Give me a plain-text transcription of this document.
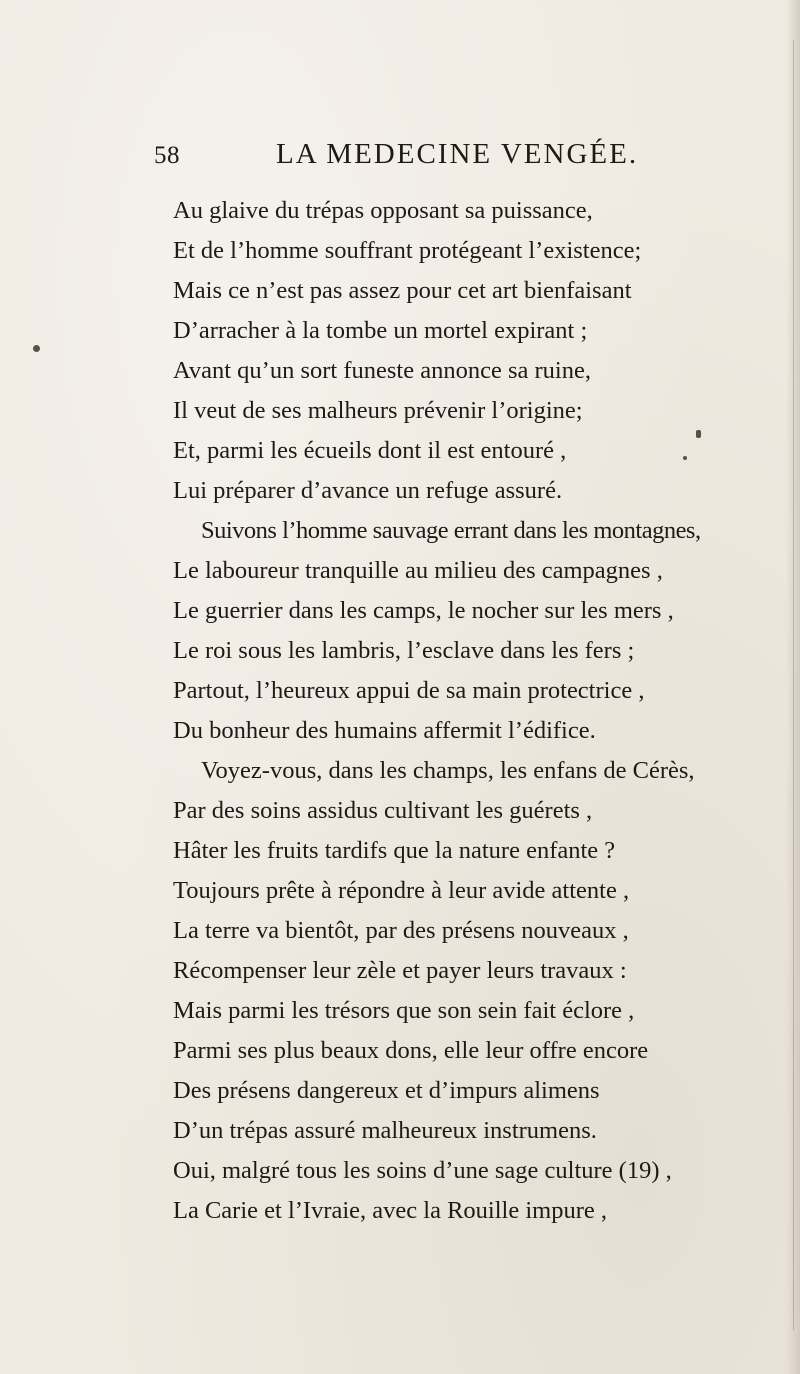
58	LA MEDECINE VENGÉE.
Au glaive du trépas opposant sa puissance,
Et de l’homme souffrant protégeant l’existence;
Mais ce n’est pas assez pour cet art bienfaisant
D’arracher à la tombe un mortel expirant ;
Avant qu’un sort funeste annonce sa ruine,
Il veut de ses malheurs prévenir l’origine;
Et, parmi les écueils dont il est entouré ,
Lui préparer d’avance un refuge assuré.
Suivons l’homme sauvage errant dans les montagnes,
Le laboureur tranquille au milieu des campagnes ,
Le guerrier dans les camps, le nocher sur les mers ,
Le roi sous les lambris, l’esclave dans les fers ;
Partout, l’heureux appui de sa main protectrice ,
Du bonheur des humains affermit l’édifice.
Voyez-vous, dans les champs, les enfans de Cérès,
Par des soins assidus cultivant les guérets ,
Hâter les fruits tardifs que la nature enfante ?
Toujours prête à répondre à leur avide attente ,
La terre va bientôt, par des présens nouveaux ,
Récompenser leur zèle et payer leurs travaux :
Mais parmi les trésors que son sein fait éclore ,
Parmi ses plus beaux dons, elle leur offre encore
Des présens dangereux et d’impurs alimens
D’un trépas assuré malheureux instrumens.
Oui, malgré tous les soins d’une sage culture (19) ,
La Carie et l’Ivraie, avec la Rouille impure ,
